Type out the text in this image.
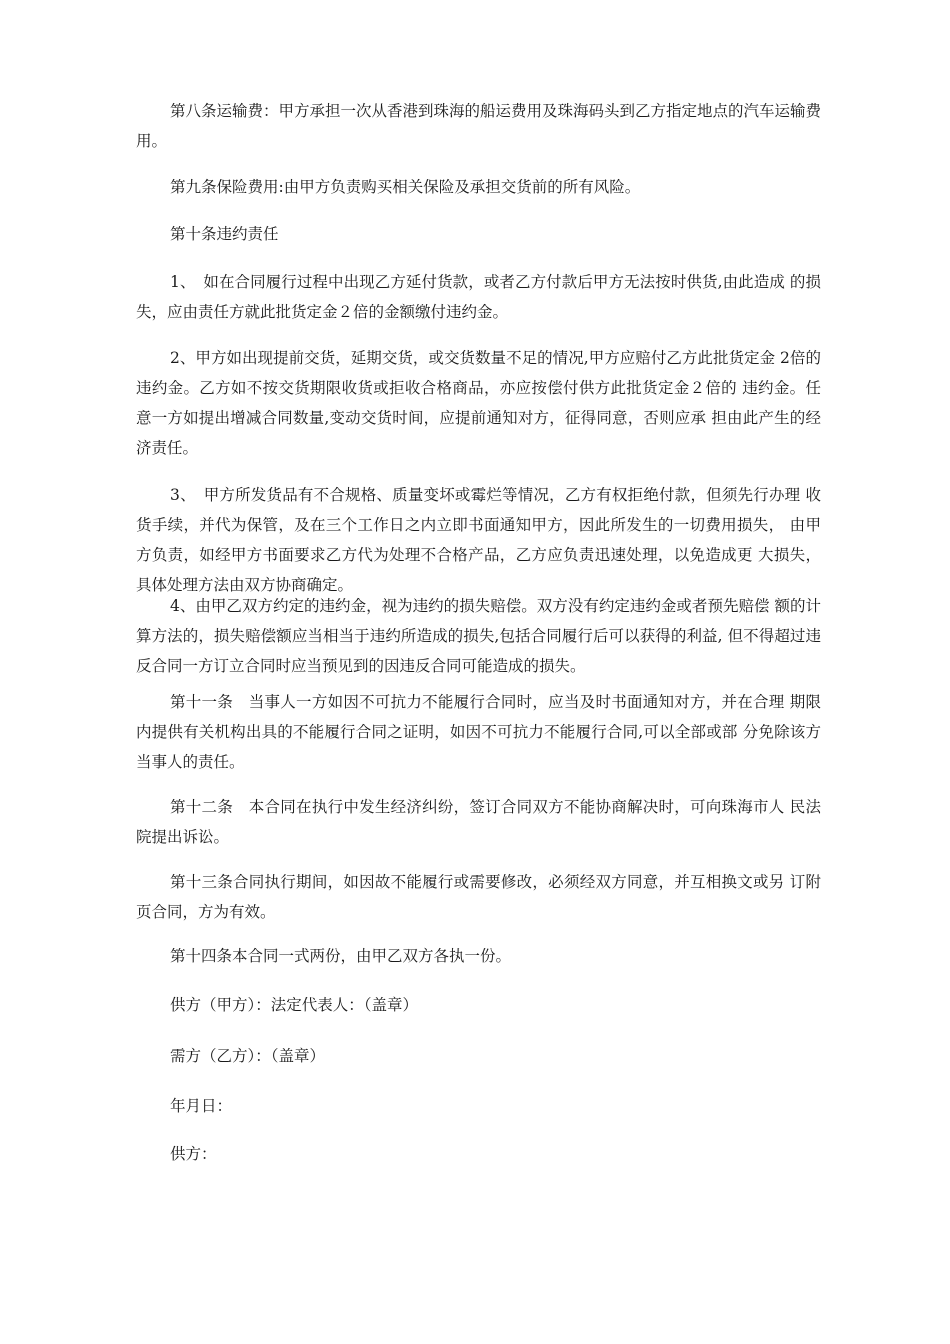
第八条运输费：甲方承担一次从香港到珠海的船运费用及珠海码头到乙方指定地点的汽车运输费用。

第九条保险费用:由甲方负责购买相关保险及承担交货前的所有风险。

第十条违约责任

1、　如在合同履行过程中出现乙方延付货款，或者乙方付款后甲方无法按时供货,由此造成 的损失，应由责任方就此批货定金２倍的金额缴付违约金。

2、甲方如出现提前交货，延期交货，或交货数量不足的情况,甲方应赔付乙方此批货定金 2倍的违约金。乙方如不按交货期限收货或拒收合格商品，亦应按偿付供方此批货定金２倍的 违约金。任意一方如提出增减合同数量,变动交货时间，应提前通知对方，征得同意，否则应承 担由此产生的经济责任。

3、　甲方所发货品有不合规格、质量变坏或霉烂等情况，乙方有权拒绝付款，但须先行办理 收货手续，并代为保管，及在三个工作日之内立即书面通知甲方，因此所发生的一切费用损失， 由甲方负责，如经甲方书面要求乙方代为处理不合格产品，乙方应负责迅速处理，以免造成更 大损失，具体处理方法由双方协商确定。

4、由甲乙双方约定的违约金，视为违约的损失赔偿。双方没有约定违约金或者预先赔偿 额的计算方法的，损失赔偿额应当相当于违约所造成的损失,包括合同履行后可以获得的利益, 但不得超过违反合同一方订立合同时应当预见到的因违反合同可能造成的损失。

第十一条　当事人一方如因不可抗力不能履行合同时，应当及时书面通知对方，并在合理 期限内提供有关机构出具的不能履行合同之证明，如因不可抗力不能履行合同,可以全部或部 分免除该方当事人的责任。

第十二条　本合同在执行中发生经济纠纷，签订合同双方不能协商解决时，可向珠海市人 民法院提出诉讼。

第十三条合同执行期间，如因故不能履行或需要修改，必须经双方同意，并互相换文或另 订附页合同，方为有效。

第十四条本合同一式两份，由甲乙双方各执一份。

供方（甲方）：法定代表人：（盖章）

需方（乙方）：（盖章）

年月日：

供方：
